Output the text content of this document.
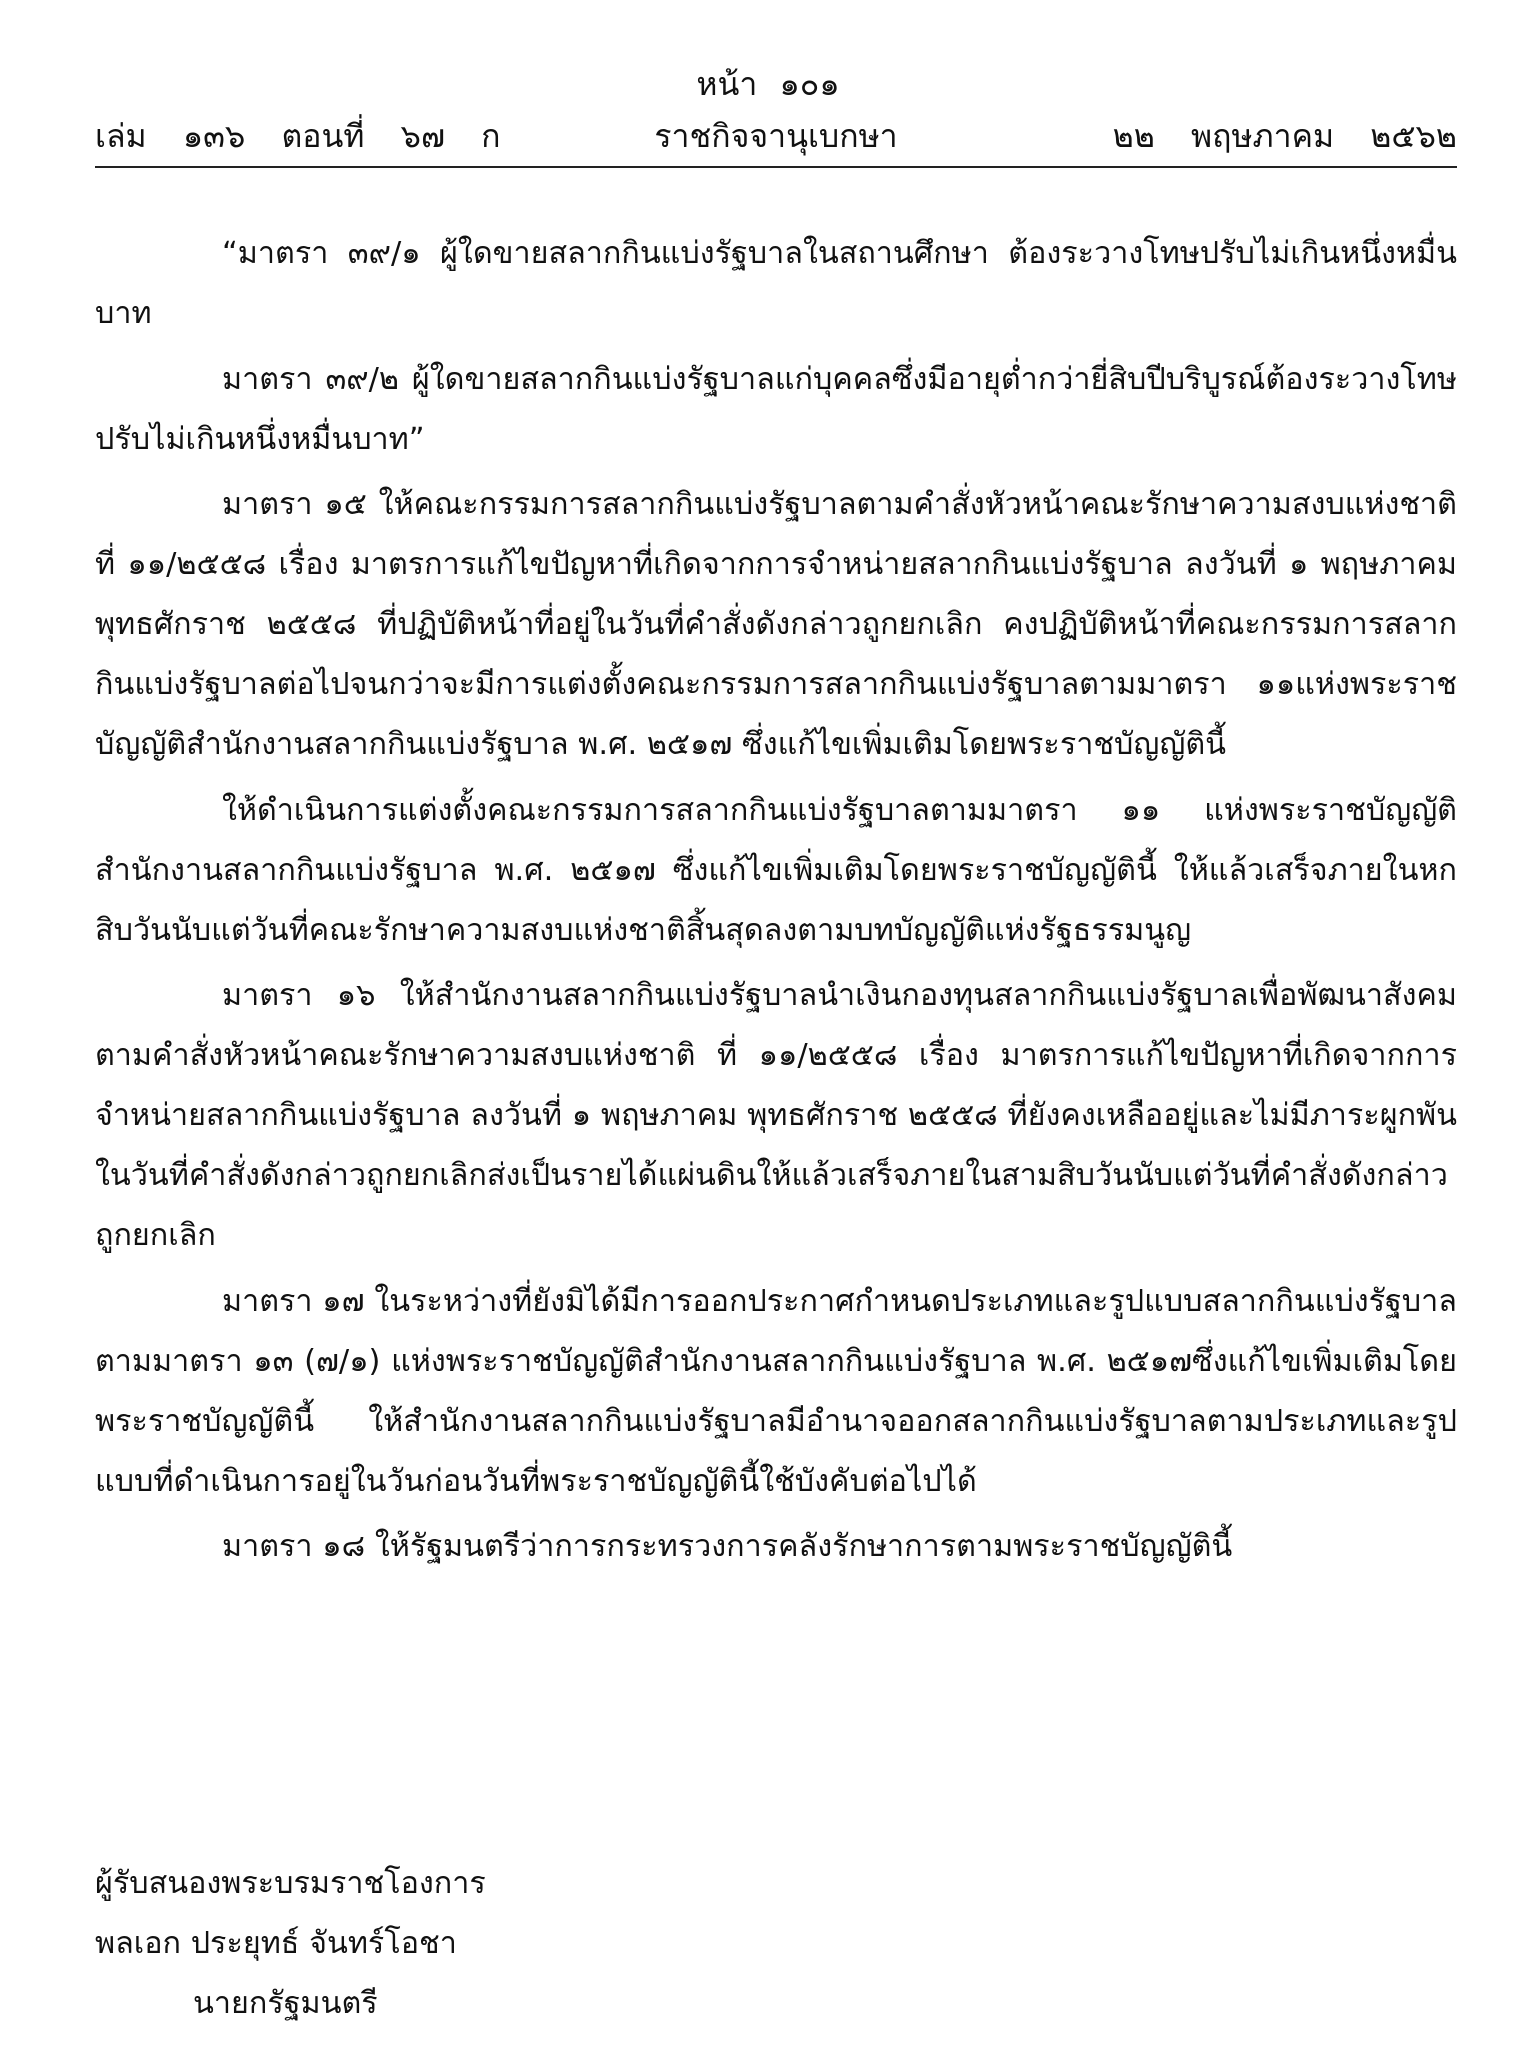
หน้า ๑๐๑
เล่ม ๑๓๖ ตอนที่ ๖๗ ก	ราชกิจจานุเบกษา	๒๒ พฤษภาคม ๒๕๖๒

“มาตรา ๓๙/๑ ผู้ใดขายสลากกินแบ่งรัฐบาลในสถานศึกษา ต้องระวางโทษปรับไม่เกินหนึ่งหมื่นบาท

มาตรา ๓๙/๒ ผู้ใดขายสลากกินแบ่งรัฐบาลแก่บุคคลซึ่งมีอายุต่ำกว่ายี่สิบปีบริบูรณ์ต้องระวางโทษปรับไม่เกินหนึ่งหมื่นบาท”

มาตรา ๑๕ ให้คณะกรรมการสลากกินแบ่งรัฐบาลตามคำสั่งหัวหน้าคณะรักษาความสงบแห่งชาติที่ ๑๑/๒๕๕๘ เรื่อง มาตรการแก้ไขปัญหาที่เกิดจากการจำหน่ายสลากกินแบ่งรัฐบาล ลงวันที่ ๑ พฤษภาคมพุทธศักราช ๒๕๕๘ ที่ปฏิบัติหน้าที่อยู่ในวันที่คำสั่งดังกล่าวถูกยกเลิก คงปฏิบัติหน้าที่คณะกรรมการสลากกินแบ่งรัฐบาลต่อไปจนกว่าจะมีการแต่งตั้งคณะกรรมการสลากกินแบ่งรัฐบาลตามมาตรา ๑๑แห่งพระราชบัญญัติสำนักงานสลากกินแบ่งรัฐบาล พ.ศ. ๒๕๑๗ ซึ่งแก้ไขเพิ่มเติมโดยพระราชบัญญัตินี้

ให้ดำเนินการแต่งตั้งคณะกรรมการสลากกินแบ่งรัฐบาลตามมาตรา ๑๑ แห่งพระราชบัญญัติสำนักงานสลากกินแบ่งรัฐบาล พ.ศ. ๒๕๑๗ ซึ่งแก้ไขเพิ่มเติมโดยพระราชบัญญัตินี้ ให้แล้วเสร็จภายในหกสิบวันนับแต่วันที่คณะรักษาความสงบแห่งชาติสิ้นสุดลงตามบทบัญญัติแห่งรัฐธรรมนูญ

มาตรา ๑๖ ให้สำนักงานสลากกินแบ่งรัฐบาลนำเงินกองทุนสลากกินแบ่งรัฐบาลเพื่อพัฒนาสังคมตามคำสั่งหัวหน้าคณะรักษาความสงบแห่งชาติ ที่ ๑๑/๒๕๕๘ เรื่อง มาตรการแก้ไขปัญหาที่เกิดจากการจำหน่ายสลากกินแบ่งรัฐบาล ลงวันที่ ๑ พฤษภาคม พุทธศักราช ๒๕๕๘ ที่ยังคงเหลืออยู่และไม่มีภาระผูกพันในวันที่คำสั่งดังกล่าวถูกยกเลิกส่งเป็นรายได้แผ่นดินให้แล้วเสร็จภายในสามสิบวันนับแต่วันที่คำสั่งดังกล่าวถูกยกเลิก

มาตรา ๑๗ ในระหว่างที่ยังมิได้มีการออกประกาศกำหนดประเภทและรูปแบบสลากกินแบ่งรัฐบาลตามมาตรา ๑๓ (๗/๑) แห่งพระราชบัญญัติสำนักงานสลากกินแบ่งรัฐบาล พ.ศ. ๒๕๑๗ซึ่งแก้ไขเพิ่มเติมโดยพระราชบัญญัตินี้ ให้สำนักงานสลากกินแบ่งรัฐบาลมีอำนาจออกสลากกินแบ่งรัฐบาลตามประเภทและรูปแบบที่ดำเนินการอยู่ในวันก่อนวันที่พระราชบัญญัตินี้ใช้บังคับต่อไปได้

มาตรา ๑๘ ให้รัฐมนตรีว่าการกระทรวงการคลังรักษาการตามพระราชบัญญัตินี้

ผู้รับสนองพระบรมราชโองการ
พลเอก ประยุทธ์ จันทร์โอชา
นายกรัฐมนตรี
